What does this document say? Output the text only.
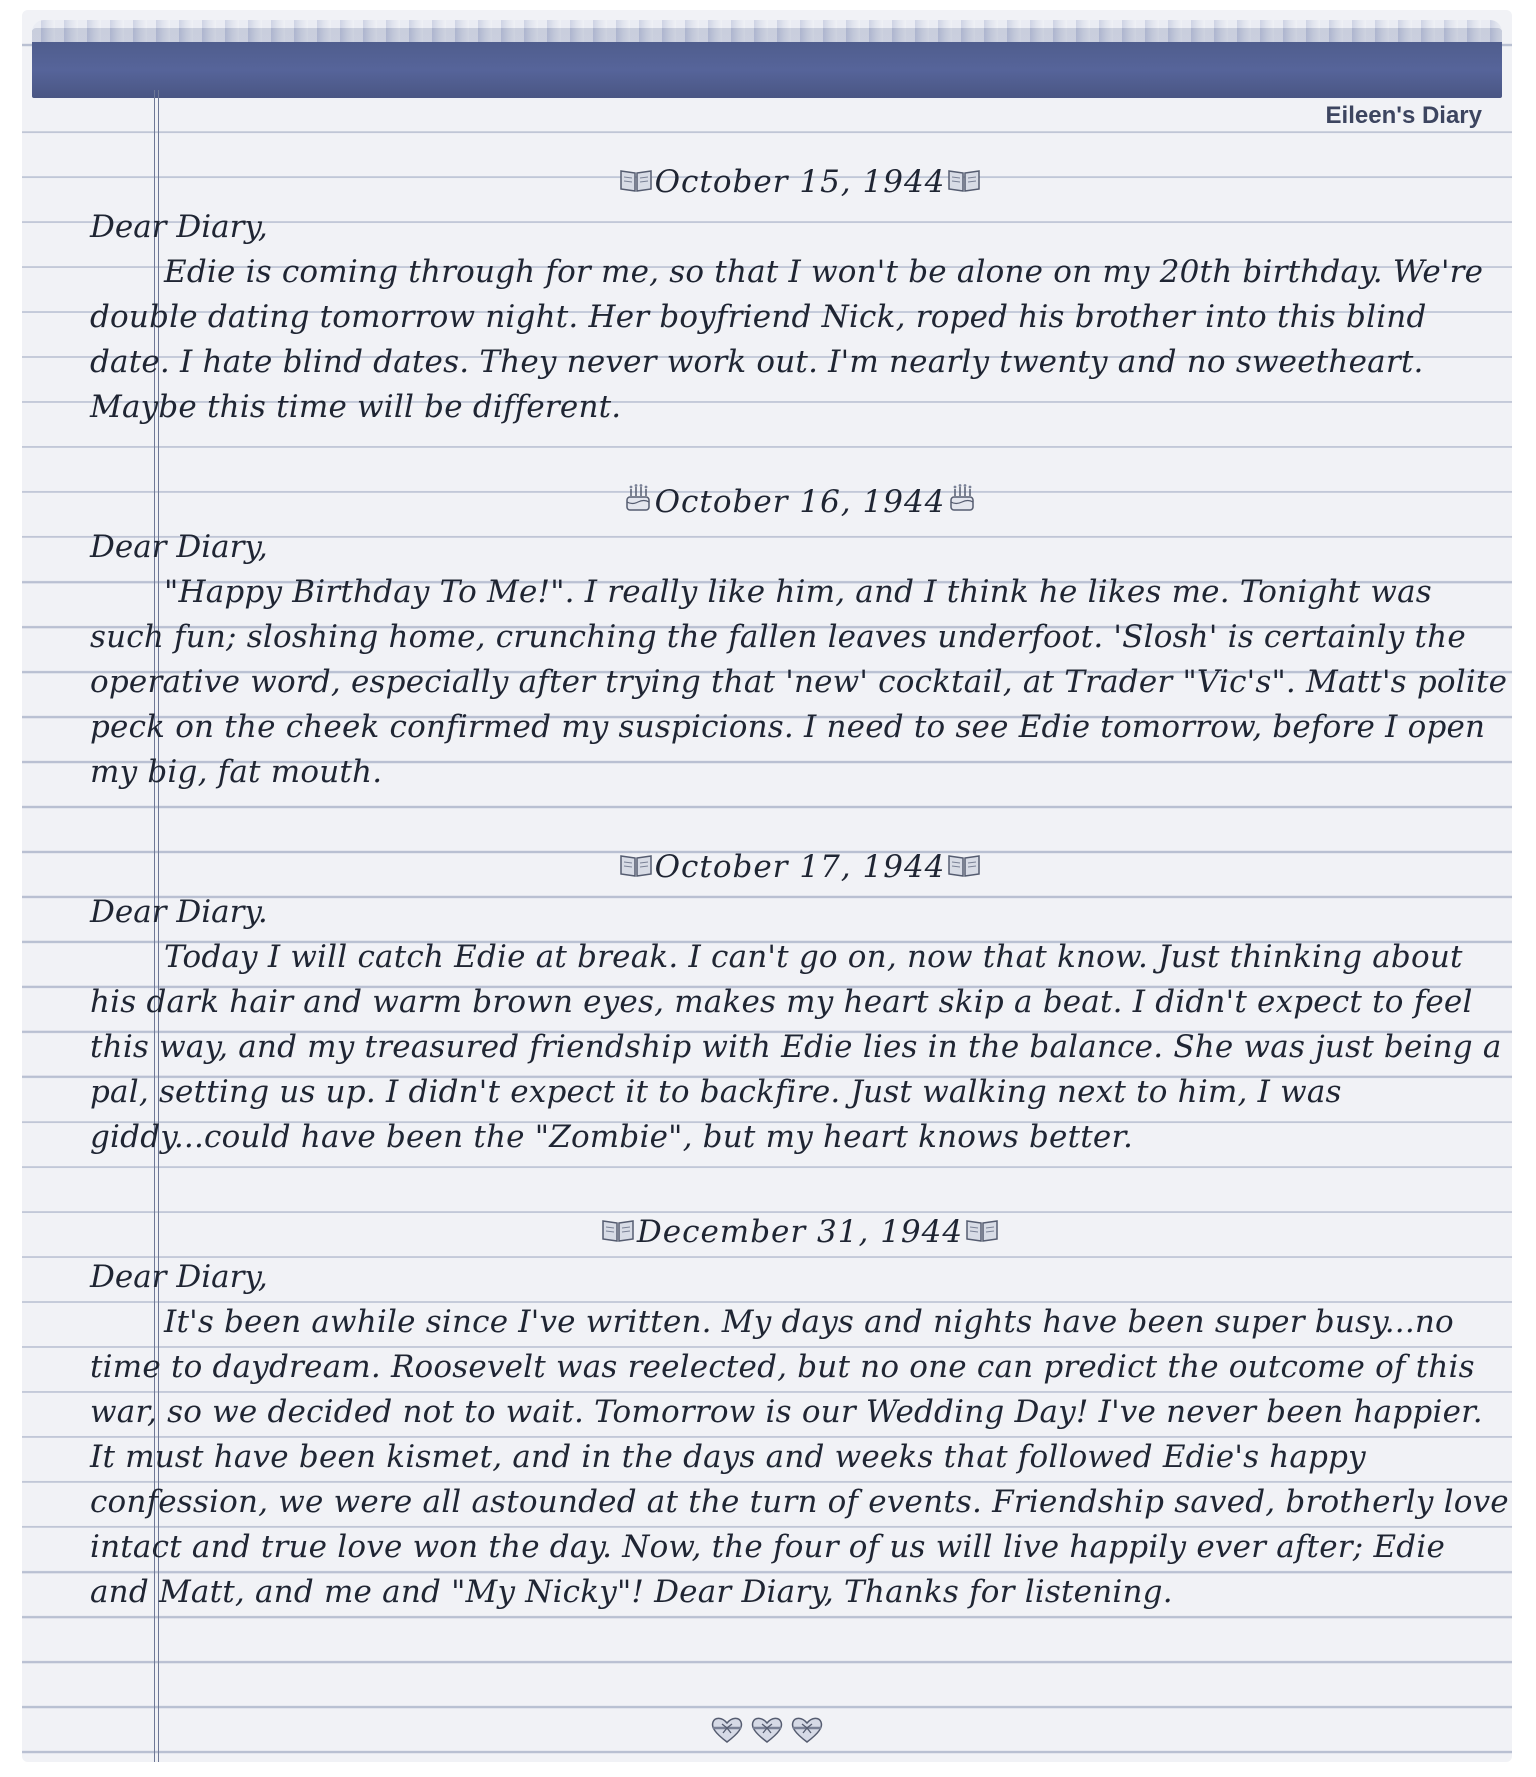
Eileen's Diary
October 15, 1944
Dear Diary,

Edie is coming through for me, so that I won't be alone on my 20th birthday. We're double dating tomorrow night. Her boyfriend Nick, roped his brother into this blind date. I hate blind dates. They never work out. I'm nearly twenty and no sweetheart. Maybe this time will be different.

October 16, 1944
Dear Diary,

"Happy Birthday To Me!". I really like him, and I think he likes me. Tonight was such fun; sloshing home, crunching the fallen leaves underfoot. 'Slosh' is certainly the operative word, especially after trying that 'new' cocktail, at Trader "Vic's". Matt's polite peck on the cheek confirmed my suspicions. I need to see Edie tomorrow, before I open my big, fat mouth.

October 17, 1944
Dear Diary.

Today I will catch Edie at break. I can't go on, now that know. Just thinking about his dark hair and warm brown eyes, makes my heart skip a beat. I didn't expect to feel this way, and my treasured friendship with Edie lies in the balance. She was just being a pal, setting us up. I didn't expect it to backfire. Just walking next to him, I was giddy...could have been the "Zombie", but my heart knows better.

December 31, 1944
Dear Diary,

It's been awhile since I've written. My days and nights have been super busy...no time to daydream. Roosevelt was reelected, but no one can predict the outcome of this war, so we decided not to wait. Tomorrow is our Wedding Day! I've never been happier. It must have been kismet, and in the days and weeks that followed Edie's happy confession, we were all astounded at the turn of events. Friendship saved, brotherly love intact and true love won the day. Now, the four of us will live happily ever after; Edie and Matt, and me and "My Nicky"! Dear Diary, Thanks for listening.
